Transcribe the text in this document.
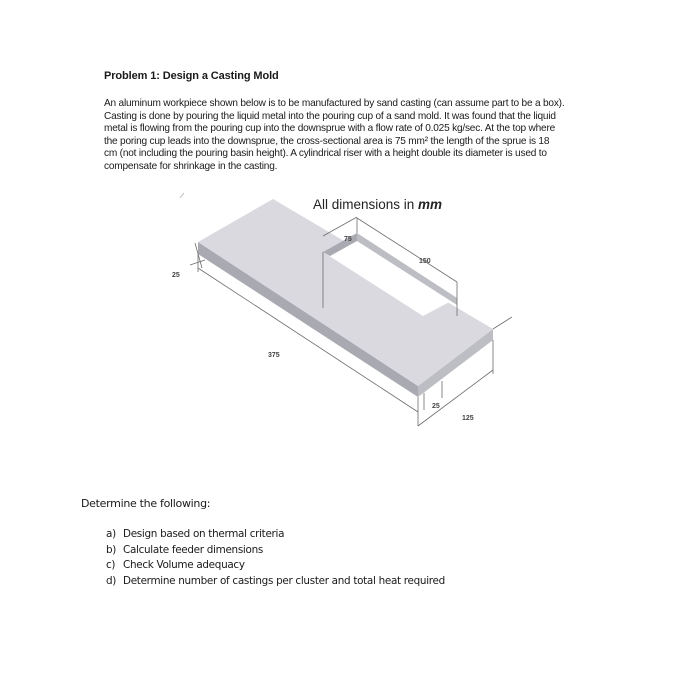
Problem 1: Design a Casting Mold

An aluminum workpiece shown below is to be manufactured by sand casting (can assume part to be a box).
Casting is done by pouring the liquid metal into the pouring cup of a sand mold. It was found that the liquid
metal is flowing from the pouring cup into the downsprue with a flow rate of 0.025 kg/sec. At the top where
the poring cup leads into the downsprue, the cross-sectional area is 75 mm² the length of the sprue is 18
cm (not including the pouring basin height). A cylindrical riser with a height double its diameter is used to
compensate for shrinkage in the casting.

All dimensions in mm
75
150
25
375
25
125
Determine the following:
a) Design based on thermal criteria
b) Calculate feeder dimensions
c) Check Volume adequacy
d) Determine number of castings per cluster and total heat required
